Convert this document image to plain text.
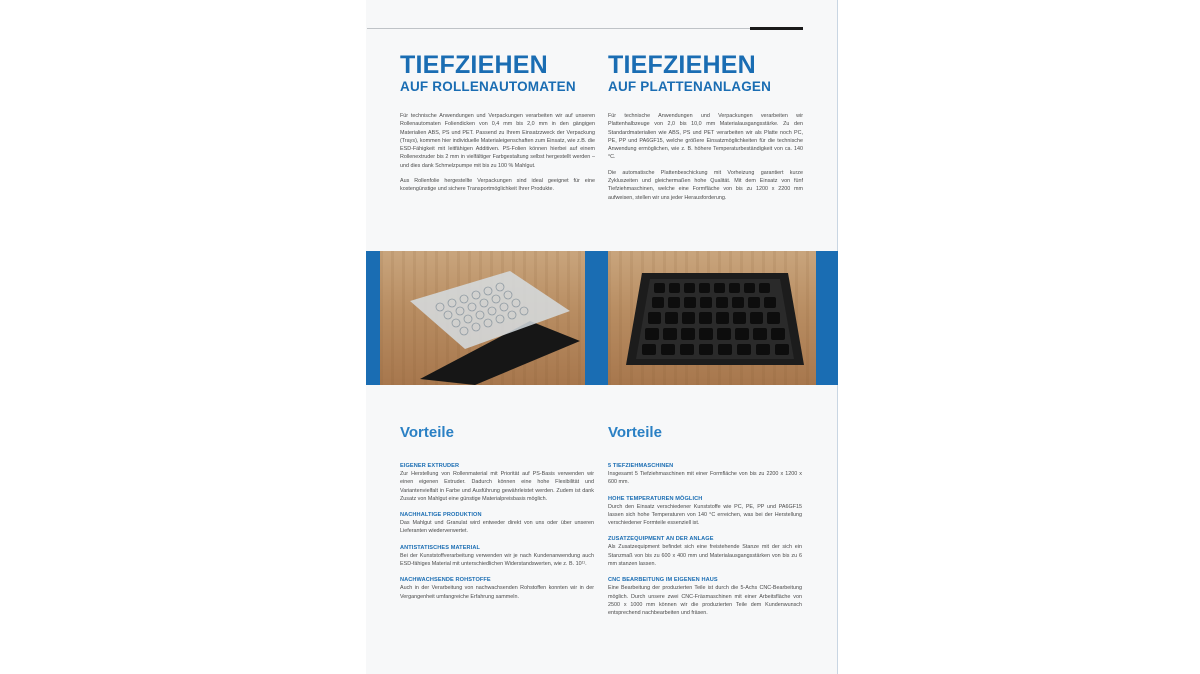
TIEFZIEHEN
AUF ROLLENAUTOMATEN

Für technische Anwendungen und Verpackungen verarbeiten wir auf unseren Rollenautomaten Foliendicken von 0,4 mm bis 2,0 mm in den gängigen Materialien ABS, PS und PET. Passend zu Ihrem Einsatzzweck der Verpackung (Trays), kommen hier individuelle Materialeigenschaften zum Einsatz, wie z.B. die ESD-Fähigkeit mit leitfähigen Additiven. PS-Folien können hierbei auf einem Rollenextruder bis 2 mm in vielfältiger Farbgestaltung selbst hergestellt werden – und dies dank Schmelzpumpe mit bis zu 100 % Mahlgut.

Aus Rollenfolie hergestellte Verpackungen sind ideal geeignet für eine kostengünstige und sichere Transportmöglichkeit Ihrer Produkte.

TIEFZIEHEN
AUF PLATTENANLAGEN

Für technische Anwendungen und Verpackungen verarbeiten wir Plattenhalbzeuge von 2,0 bis 10,0 mm Materialausgangsstärke. Zu den Standardmaterialien wie ABS, PS und PET verarbeiten wir als Platte noch PC, PE, PP und PA6GF15, welche größere Einsatzmöglichkeiten für die technische Anwendung ermöglichen, wie z. B. höhere Temperaturbeständigkeit von ca. 140 °C.

Die automatische Plattenbeschickung mit Vorheizung garantiert kurze Zykluszeiten und gleichermaßen hohe Qualität. Mit dem Einsatz von fünf Tiefziehmaschinen, welche eine Formfläche von bis zu 1200 x 2200 mm aufweisen, stellen wir uns jeder Herausforderung.

Vorteile	Vorteile

EIGENER EXTRUDER

Zur Herstellung von Rollenmaterial mit Priorität auf PS-Basis verwenden wir einen eigenen Extruder. Dadurch können eine hohe Flexibilität und Variantenvielfalt in Farbe und Ausführung gewährleistet werden. Zudem ist dank Zusatz von Mahlgut eine günstige Materialpreisbasis möglich.

NACHHALTIGE PRODUKTION

Das Mahlgut und Granulat wird entweder direkt von uns oder über unseren Lieferanten wiederverwertet.

ANTISTATISCHES MATERIAL

Bei der Kunststoffverarbeitung verwenden wir je nach Kundenanwendung auch ESD-fähiges Material mit unterschiedlichen Widerstandswerten, wie z. B. 10¹¹.

NACHWACHSENDE ROHSTOFFE

Auch in der Verarbeitung von nachwachsenden Rohstoffen konnten wir in der Vergangenheit umfangreiche Erfahrung sammeln.

5 TIEFZIEHMASCHINEN

Insgesamt 5 Tiefziehmaschinen mit einer Formfläche von bis zu 2200 x 1200 x 600 mm.

HOHE TEMPERATUREN MÖGLICH

Durch den Einsatz verschiedener Kunststoffe wie PC, PE, PP und PA6GF15 lassen sich hohe Temperaturen von 140 °C erreichen, was bei der Herstellung verschiedener Formteile essenziell ist.

ZUSATZEQUIPMENT AN DER ANLAGE

Als Zusatzequipment befindet sich eine freistehende Stanze mit der sich ein Stanzmaß von bis zu 600 x 400 mm und Materialausgangsstärken von bis zu 6 mm stanzen lassen.

CNC BEARBEITUNG IM EIGENEN HAUS

Eine Bearbeitung der produzierten Teile ist durch die 5-Achs CNC-Bearbeitung möglich. Durch unsere zwei CNC-Fräsmaschinen mit einer Arbeitsfläche von 2500 x 1000 mm können wir die produzierten Teile dem Kundenwunsch entsprechend nachbearbeiten und fräsen.
